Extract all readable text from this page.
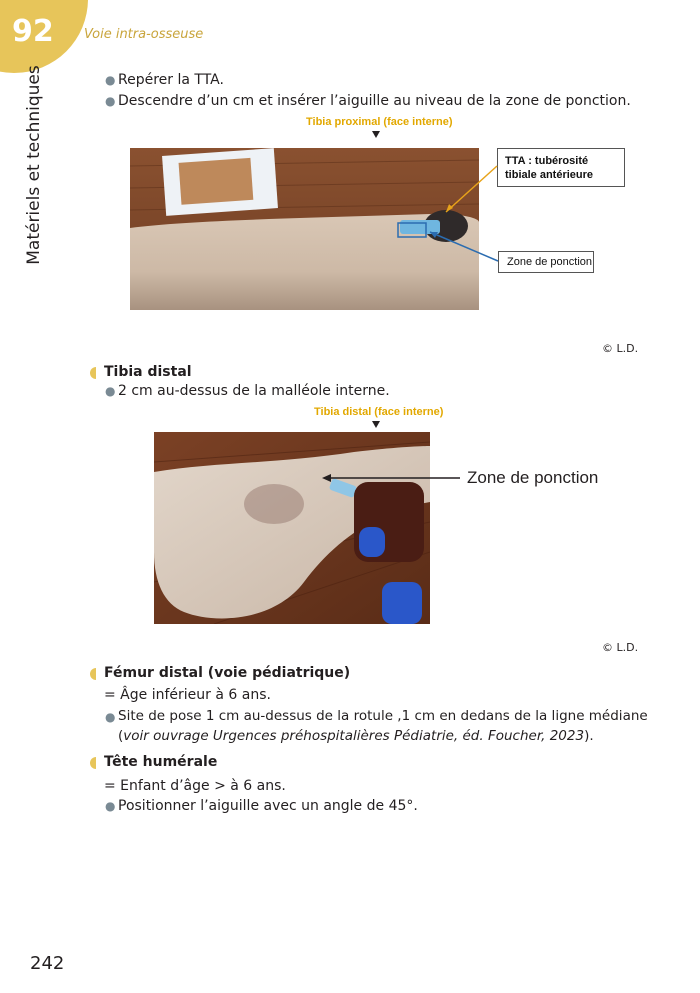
92 Voie intra-osseuse
Matériels et techniques	● Repérer la TTA.
● Descendre d’un cm et insérer l’aiguille au niveau de la zone de ponction.
Tibia proximal (face interne)
TTA : tubérosité tibiale antérieure
Zone de ponction
© L.D.
Tibia distal
● 2 cm au-dessus de la malléole interne.
Tibia distal (face interne)
Zone de ponction
© L.D.
Fémur distal (voie pédiatrique)
= Âge inférieur à 6 ans.
● Site de pose 1 cm au-dessus de la rotule ,1 cm en dedans de la ligne médiane
(voir ouvrage Urgences préhospitalières Pédiatrie, éd. Foucher, 2023).
Tête humérale
= Enfant d’âge > à 6 ans.
● Positionner l’aiguille avec un angle de 45°.
242
